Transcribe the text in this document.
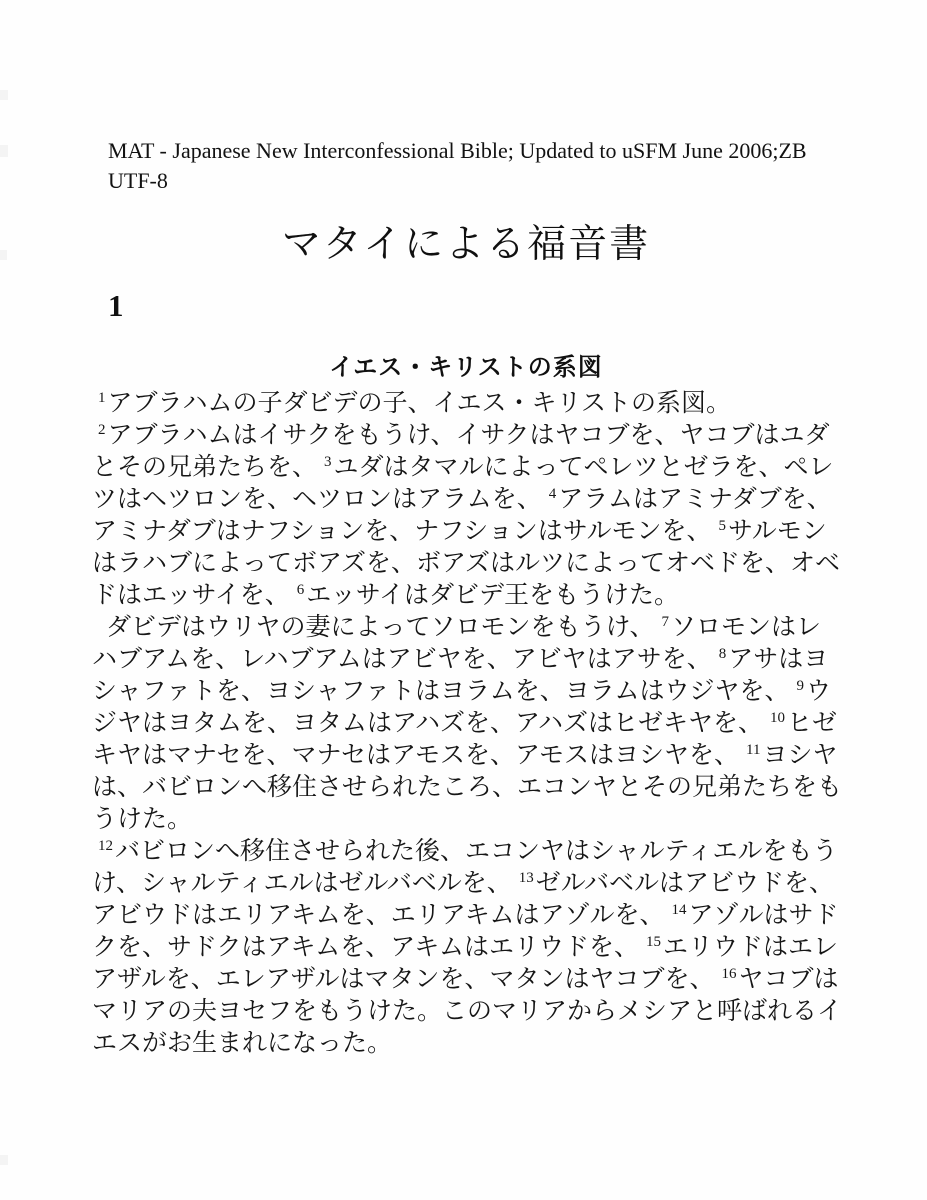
MAT - Japanese New Interconfessional Bible; Updated to uSFM June 2006;ZB

UTF-8

マタイによる福音書
1
イエス・キリストの系図

$^1$アブラハムの子ダビデの子、イエス・キリストの系図。

$^2$アブラハムはイサクをもうけ、イサクはヤコブを、ヤコブはユダとその兄弟たちを、 $^3$ユダはタマルによってペレツとゼラを、ペレツはヘツロンを、ヘツロンはアラムを、 $^4$アラムはアミナダブを、アミナダブはナフションを、ナフションはサルモンを、 $^5$サルモンはラハブによってボアズを、ボアズはルツによってオベドを、オベドはエッサイを、 $^6$エッサイはダビデ王をもうけた。

ダビデはウリヤの妻によってソロモンをもうけ、 $^7$ソロモンはレハブアムを、レハブアムはアビヤを、アビヤはアサを、 $^8$アサはヨシャファトを、ヨシャファトはヨラムを、ヨラムはウジヤを、 $^9$ウジヤはヨタムを、ヨタムはアハズを、アハズはヒゼキヤを、 $^{10}$ヒゼキヤはマナセを、マナセはアモスを、アモスはヨシヤを、 $^{11}$ヨシヤは、バビロンへ移住させられたころ、エコンヤとその兄弟たちをもうけた。

$^{12}$バビロンへ移住させられた後、エコンヤはシャルティエルをもうけ、シャルティエルはゼルバベルを、 $^{13}$ゼルバベルはアビウドを、アビウドはエリアキムを、エリアキムはアゾルを、 $^{14}$アゾルはサドクを、サドクはアキムを、アキムはエリウドを、 $^{15}$エリウドはエレアザルを、エレアザルはマタンを、マタンはヤコブを、 $^{16}$ヤコブはマリアの夫ヨセフをもうけた。このマリアからメシアと呼ばれるイエスがお生まれになった。
